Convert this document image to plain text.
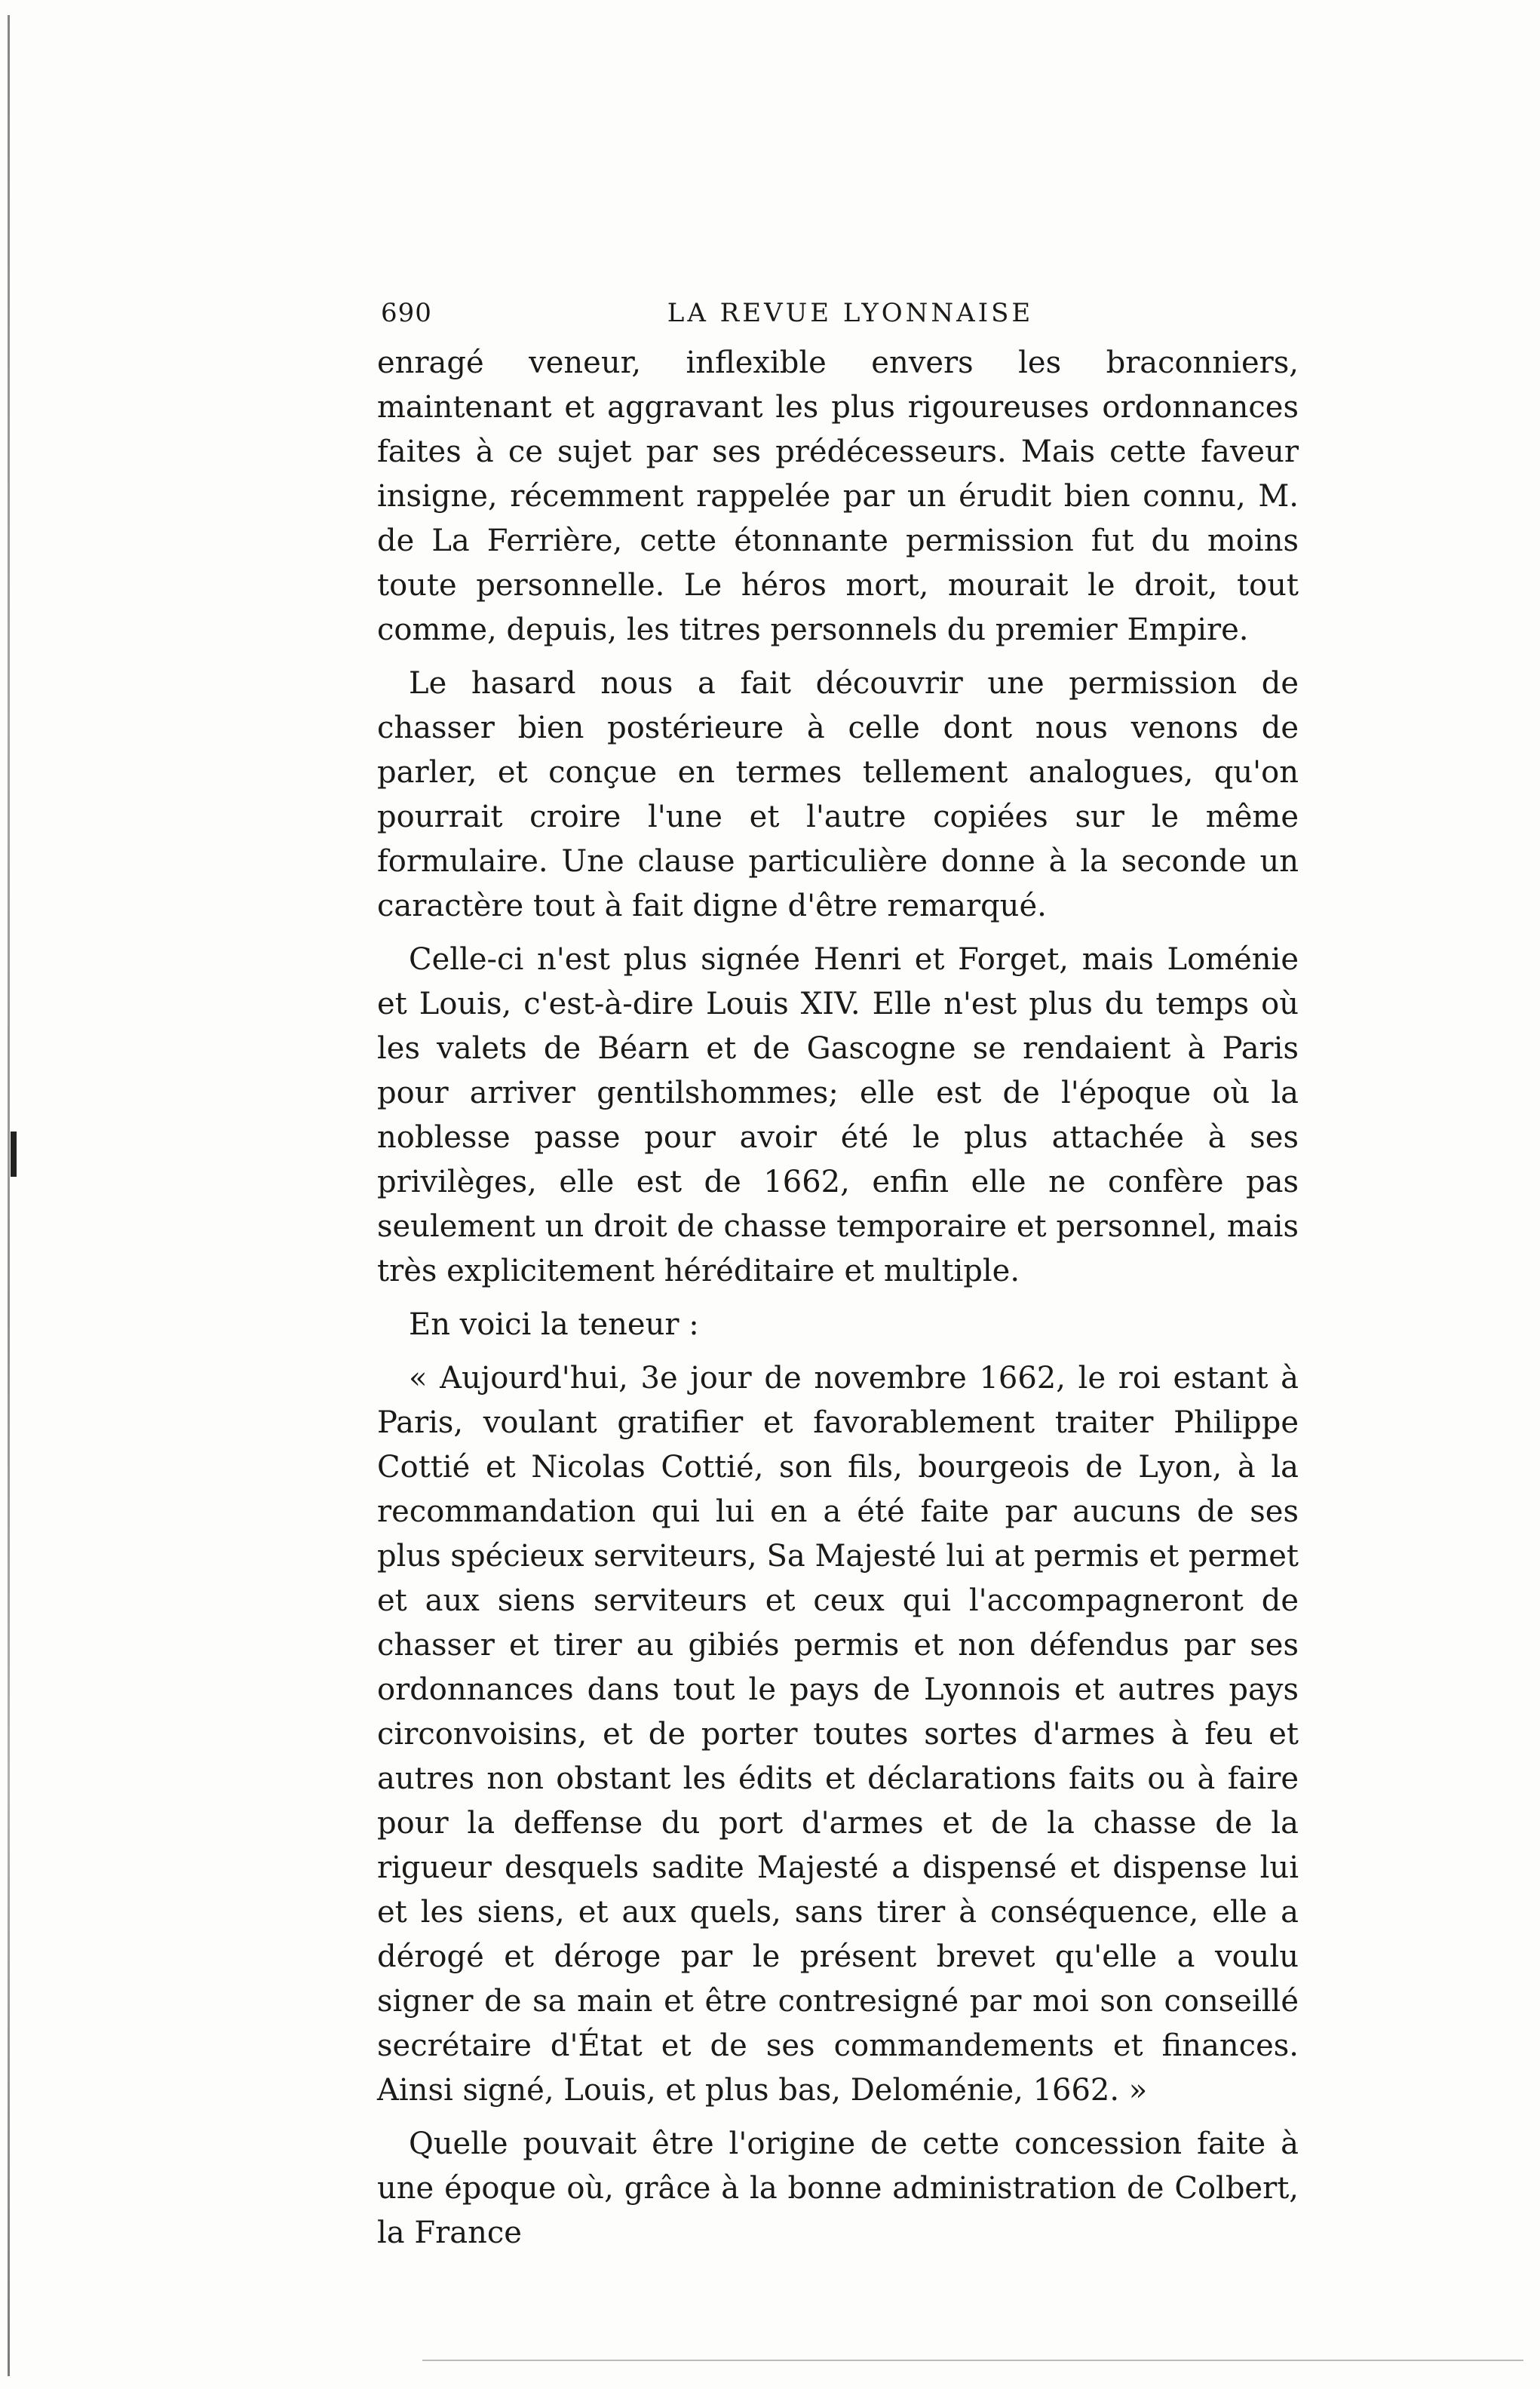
690	LA REVUE LYONNAISE

enragé veneur, inflexible envers les braconniers, maintenant et aggravant les plus rigoureuses ordonnances faites à ce sujet par ses prédécesseurs. Mais cette faveur insigne, récemment rappelée par un érudit bien connu, M. de La Ferrière, cette étonnante permission fut du moins toute personnelle. Le héros mort, mourait le droit, tout comme, depuis, les titres personnels du premier Empire.

Le hasard nous a fait découvrir une permission de chasser bien postérieure à celle dont nous venons de parler, et conçue en termes tellement analogues, qu'on pourrait croire l'une et l'autre copiées sur le même formulaire. Une clause particulière donne à la seconde un caractère tout à fait digne d'être remarqué.

Celle-ci n'est plus signée Henri et Forget, mais Loménie et Louis, c'est-à-dire Louis XIV. Elle n'est plus du temps où les valets de Béarn et de Gascogne se rendaient à Paris pour arriver gentilshommes; elle est de l'époque où la noblesse passe pour avoir été le plus attachée à ses privilèges, elle est de 1662, enfin elle ne confère pas seulement un droit de chasse temporaire et personnel, mais très explicitement héréditaire et multiple.

En voici la teneur :

« Aujourd'hui, 3e jour de novembre 1662, le roi estant à Paris, voulant gratifier et favorablement traiter Philippe Cottié et Nicolas Cottié, son fils, bourgeois de Lyon, à la recommandation qui lui en a été faite par aucuns de ses plus spécieux serviteurs, Sa Majesté lui at permis et permet et aux siens serviteurs et ceux qui l'accompagneront de chasser et tirer au gibiés permis et non défendus par ses ordonnances dans tout le pays de Lyonnois et autres pays circonvoisins, et de porter toutes sortes d'armes à feu et autres non obstant les édits et déclarations faits ou à faire pour la deffense du port d'armes et de la chasse de la rigueur desquels sadite Majesté a dispensé et dispense lui et les siens, et aux quels, sans tirer à conséquence, elle a dérogé et déroge par le présent brevet qu'elle a voulu signer de sa main et être contresigné par moi son conseillé secrétaire d'État et de ses commandements et finances. Ainsi signé, Louis, et plus bas, Deloménie, 1662. »

Quelle pouvait être l'origine de cette concession faite à une époque où, grâce à la bonne administration de Colbert, la France
